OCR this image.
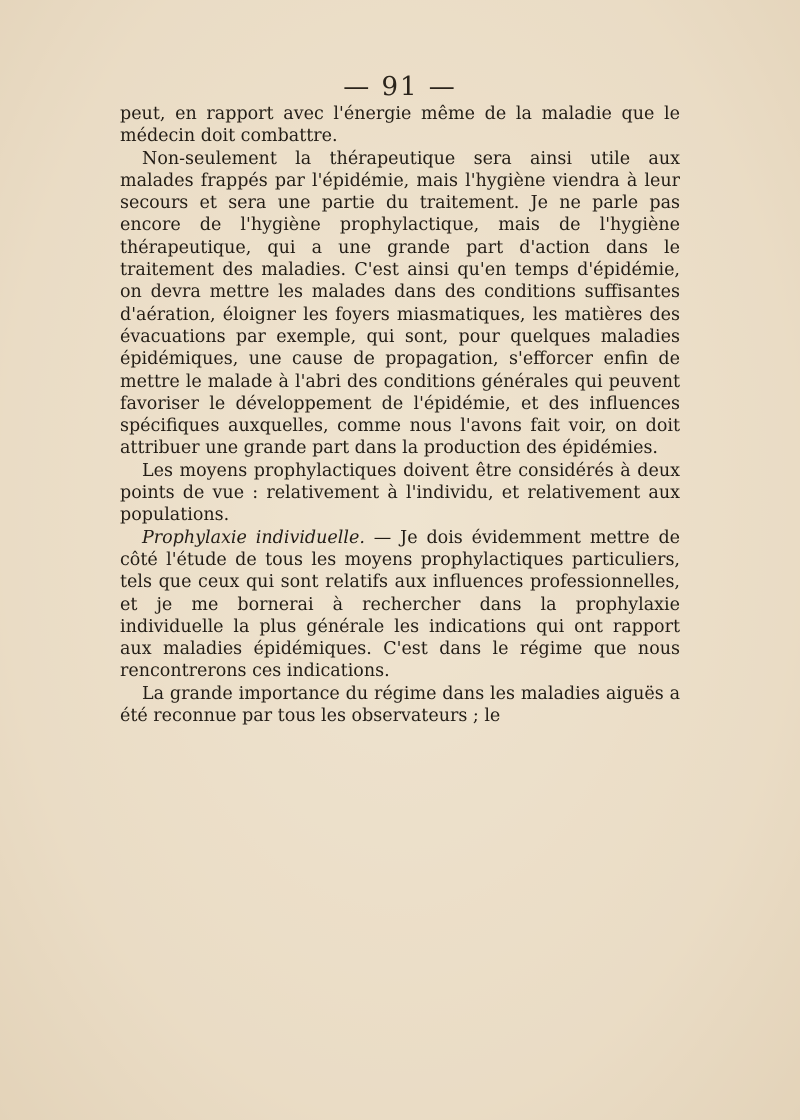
— 91 —

peut, en rapport avec l'énergie même de la maladie que le médecin doit combattre.

Non-seulement la thérapeutique sera ainsi utile aux malades frappés par l'épidémie, mais l'hygiène viendra à leur secours et sera une partie du traitement. Je ne parle pas encore de l'hygiène prophylactique, mais de l'hygiène thérapeutique, qui a une grande part d'action dans le traitement des maladies. C'est ainsi qu'en temps d'épidémie, on devra mettre les malades dans des conditions suffisantes d'aération, éloigner les foyers miasmatiques, les matières des évacuations par exemple, qui sont, pour quelques maladies épidémiques, une cause de propagation, s'efforcer enfin de mettre le malade à l'abri des conditions générales qui peuvent favoriser le développement de l'épidémie, et des influences spécifiques auxquelles, comme nous l'avons fait voir, on doit attribuer une grande part dans la production des épidémies.

Les moyens prophylactiques doivent être considérés à deux points de vue : relativement à l'individu, et relativement aux populations.

Prophylaxie individuelle. — Je dois évidemment mettre de côté l'étude de tous les moyens prophylactiques particuliers, tels que ceux qui sont relatifs aux influences professionnelles, et je me bornerai à rechercher dans la prophylaxie individuelle la plus générale les indications qui ont rapport aux maladies épidémiques. C'est dans le régime que nous rencontrerons ces indications.

La grande importance du régime dans les maladies aiguës a été reconnue par tous les observateurs ; le
